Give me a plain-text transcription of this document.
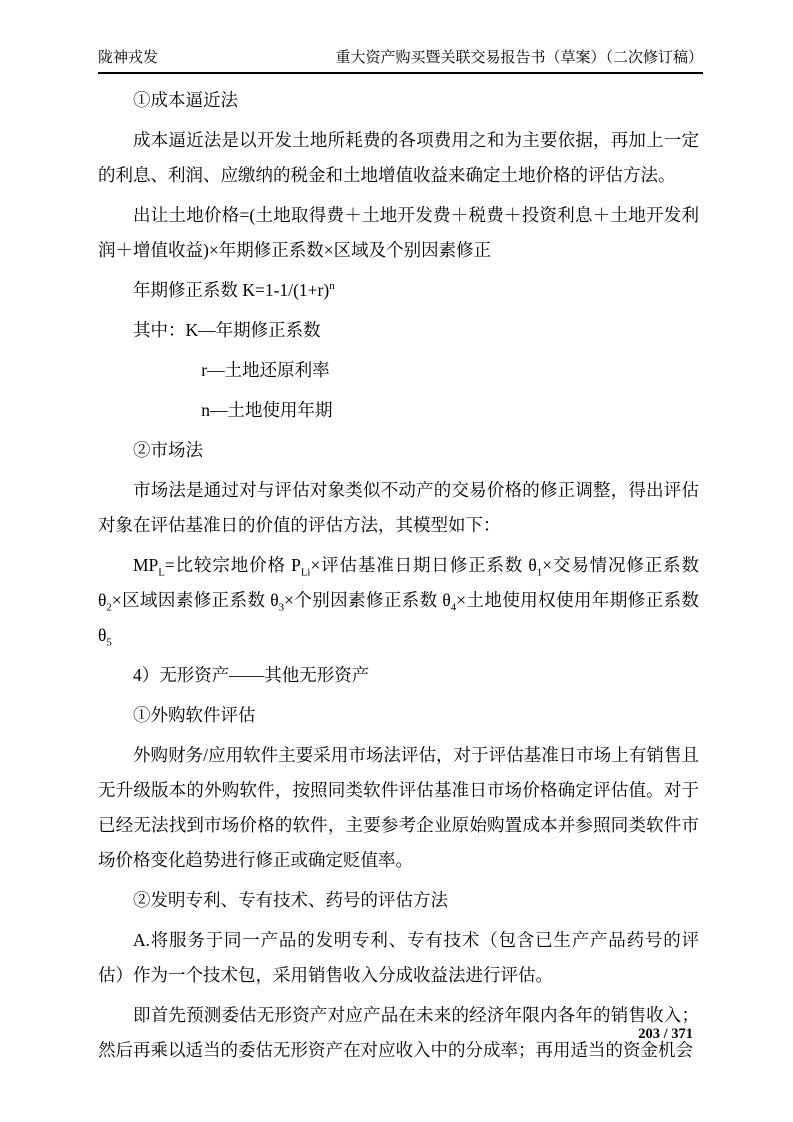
陇神戎发	重大资产购买暨关联交易报告书（草案）（二次修订稿）

①成本逼近法

成本逼近法是以开发土地所耗费的各项费用之和为主要依据，再加上一定的利息、利润、应缴纳的税金和土地增值收益来确定土地价格的评估方法。

出让土地价格=(土地取得费＋土地开发费＋税费＋投资利息＋土地开发利润＋增值收益)×年期修正系数×区域及个别因素修正

年期修正系数 $K=1-1/(1+r)^n$

其中：K—年期修正系数

r—土地还原利率

n—土地使用年期

②市场法

市场法是通过对与评估对象类似不动产的交易价格的修正调整，得出评估对象在评估基准日的价值的评估方法，其模型如下：

$MP_L=$比较宗地价格 $P_{Li}\times$评估基准日期日修正系数 $\theta_1\times$交易情况修正系数 $\theta_2\times$区域因素修正系数 $\theta_3\times$个别因素修正系数 $\theta_4\times$土地使用权使用年期修正系数 $\theta_5$

4）无形资产——其他无形资产

①外购软件评估

外购财务/应用软件主要采用市场法评估，对于评估基准日市场上有销售且无升级版本的外购软件，按照同类软件评估基准日市场价格确定评估值。对于已经无法找到市场价格的软件，主要参考企业原始购置成本并参照同类软件市场价格变化趋势进行修正或确定贬值率。

②发明专利、专有技术、药号的评估方法

A.将服务于同一产品的发明专利、专有技术（包含已生产产品药号的评估）作为一个技术包，采用销售收入分成收益法进行评估。

即首先预测委估无形资产对应产品在未来的经济年限内各年的销售收入；然后再乘以适当的委估无形资产在对应收入中的分成率；再用适当的资金机会

203 / 371
